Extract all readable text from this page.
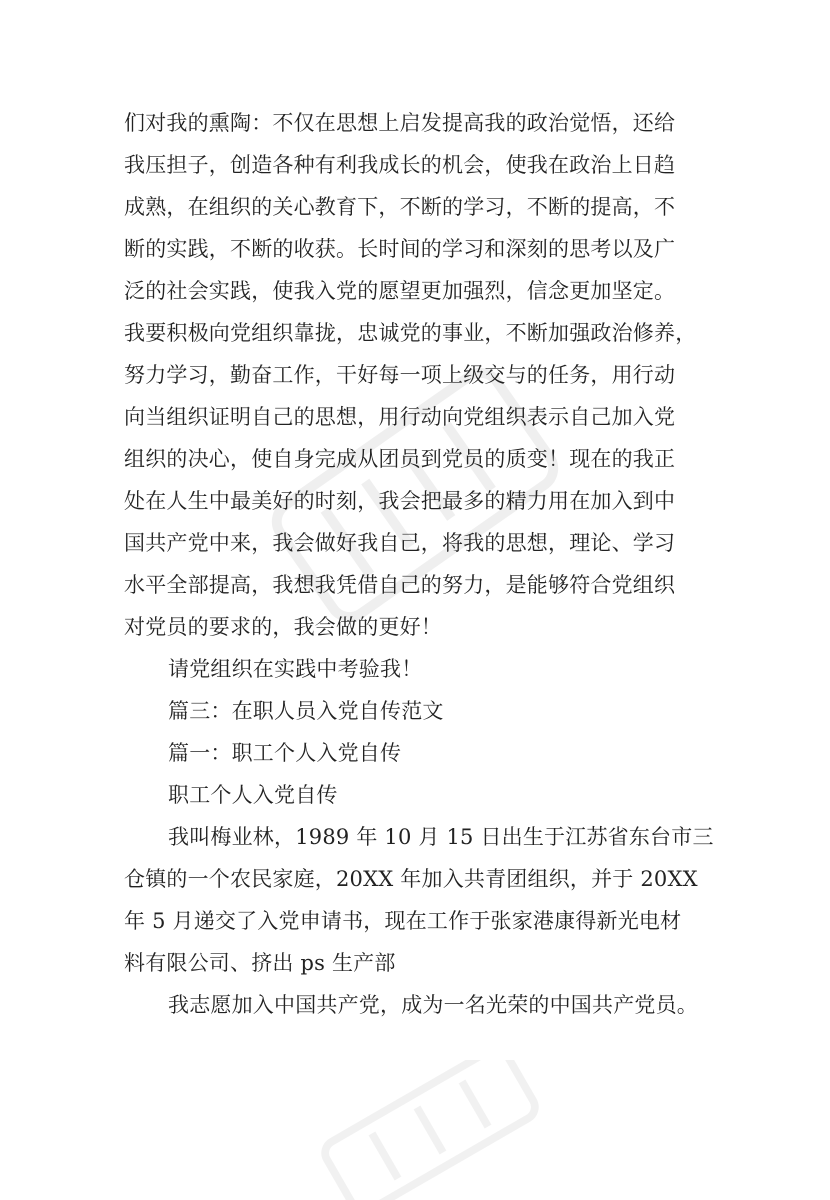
们对我的熏陶：不仅在思想上启发提高我的政治觉悟，还给
我压担子，创造各种有利我成长的机会，使我在政治上日趋
成熟，在组织的关心教育下，不断的学习，不断的提高，不
断的实践，不断的收获。长时间的学习和深刻的思考以及广
泛的社会实践，使我入党的愿望更加强烈，信念更加坚定。
我要积极向党组织靠拢，忠诚党的事业，不断加强政治修养，
努力学习，勤奋工作，干好每一项上级交与的任务，用行动
向当组织证明自己的思想，用行动向党组织表示自己加入党
组织的决心，使自身完成从团员到党员的质变！现在的我正
处在人生中最美好的时刻，我会把最多的精力用在加入到中
国共产党中来，我会做好我自己，将我的思想，理论、学习
水平全部提高，我想我凭借自己的努力，是能够符合党组织
对党员的要求的，我会做的更好！
请党组织在实践中考验我！
篇三：在职人员入党自传范文
篇一：职工个人入党自传
职工个人入党自传
我叫梅业林，1989 年 10 月 15 日出生于江苏省东台市三
仓镇的一个农民家庭，20XX 年加入共青团组织，并于 20XX
年 5 月递交了入党申请书，现在工作于张家港康得新光电材
料有限公司、挤出 ps 生产部
我志愿加入中国共产党，成为一名光荣的中国共产党员。
